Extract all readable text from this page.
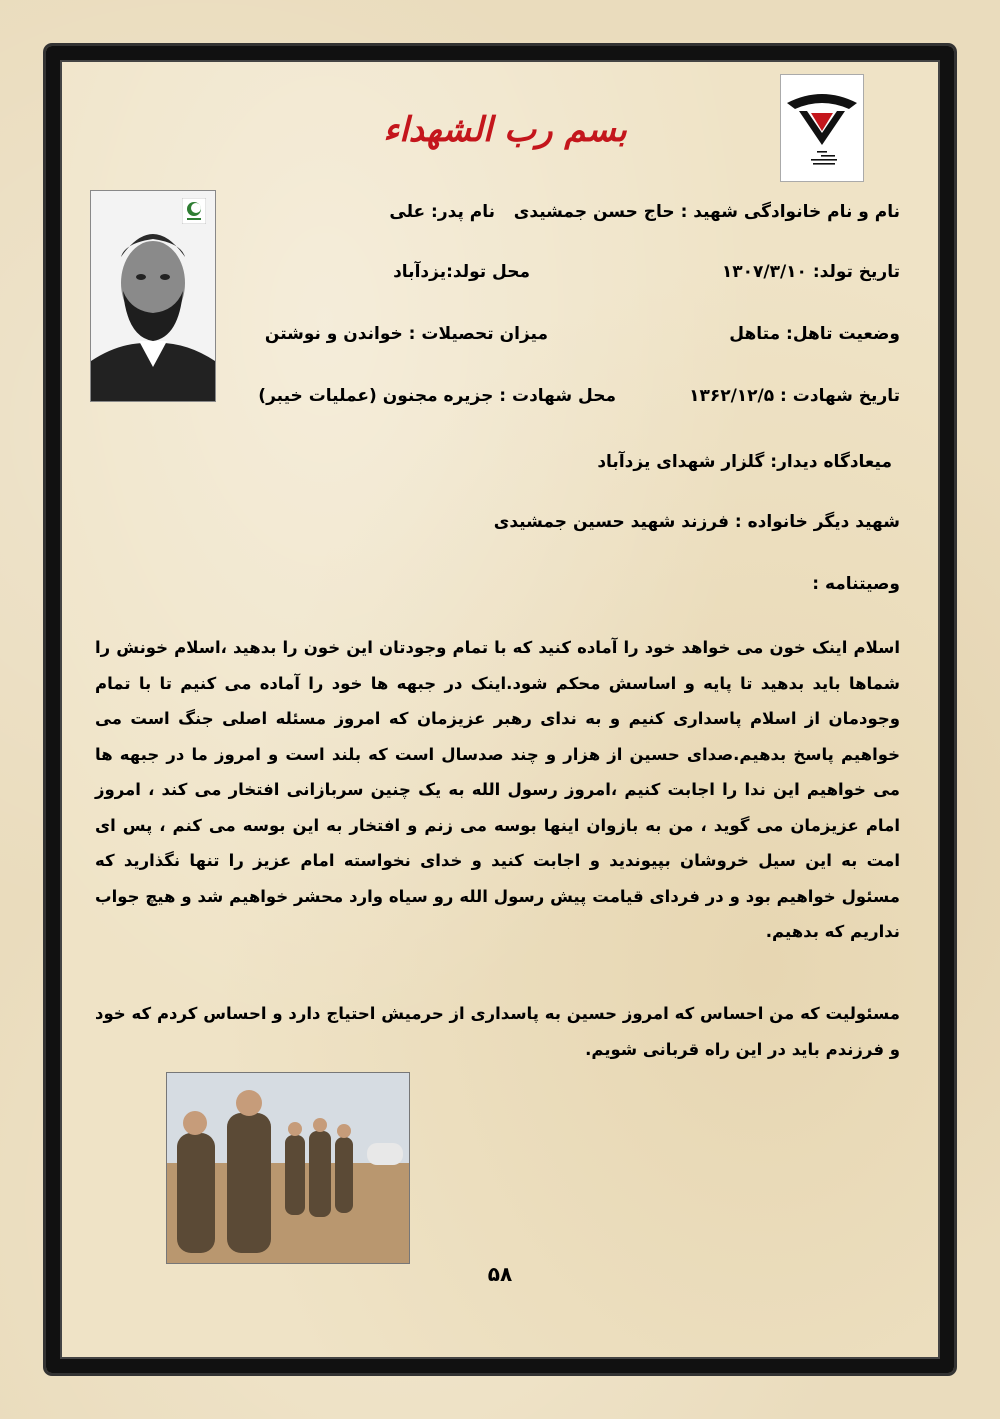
بسم رب الشهداء
نام و نام خانوادگی شهید : حاج حسن جمشیدی
نام پدر: علی
تاریخ تولد: ۱۳۰۷/۳/۱۰
محل تولد:یزدآباد
وضعیت تاهل: متاهل
میزان تحصیلات : خواندن و نوشتن
تاریخ شهادت : ۱۳۶۲/۱۲/۵
محل شهادت : جزیره مجنون (عملیات خیبر)
میعادگاه دیدار: گلزار شهدای یزدآباد
شهید دیگر خانواده : فرزند شهید حسین جمشیدی
وصیتنامه :
اسلام اینک خون می خواهد خود را آماده کنید که با تمام وجودتان این خون را بدهید ،اسلام خونش را شماها باید بدهید تا پایه و اساسش محکم شود.اینک در جبهه ها خود را آماده می کنیم تا با تمام وجودمان از اسلام پاسداری کنیم و به ندای رهبر عزیزمان که امروز مسئله اصلی جنگ است می خواهیم پاسخ بدهیم.صدای حسین از هزار و چند صدسال است که بلند است و امروز ما در جبهه ها می خواهیم این ندا را اجابت کنیم ،امروز رسول الله به یک چنین سربازانی افتخار می کند ، امروز امام عزیزمان می گوید ، من به بازوان اینها بوسه می زنم و افتخار به این بوسه می کنم ، پس ای امت به این سیل خروشان بپیوندید و اجابت کنید و خدای نخواسته امام عزیز را تنها نگذارید که مسئول خواهیم بود و در فردای قیامت پیش رسول الله رو سیاه وارد محشر خواهیم شد و هیچ جواب نداریم که بدهیم.
مسئولیت که من احساس که امروز حسین به پاسداری از حرمیش احتیاج دارد و احساس کردم که خود و فرزندم باید در این راه قربانی شویم.
۵۸
